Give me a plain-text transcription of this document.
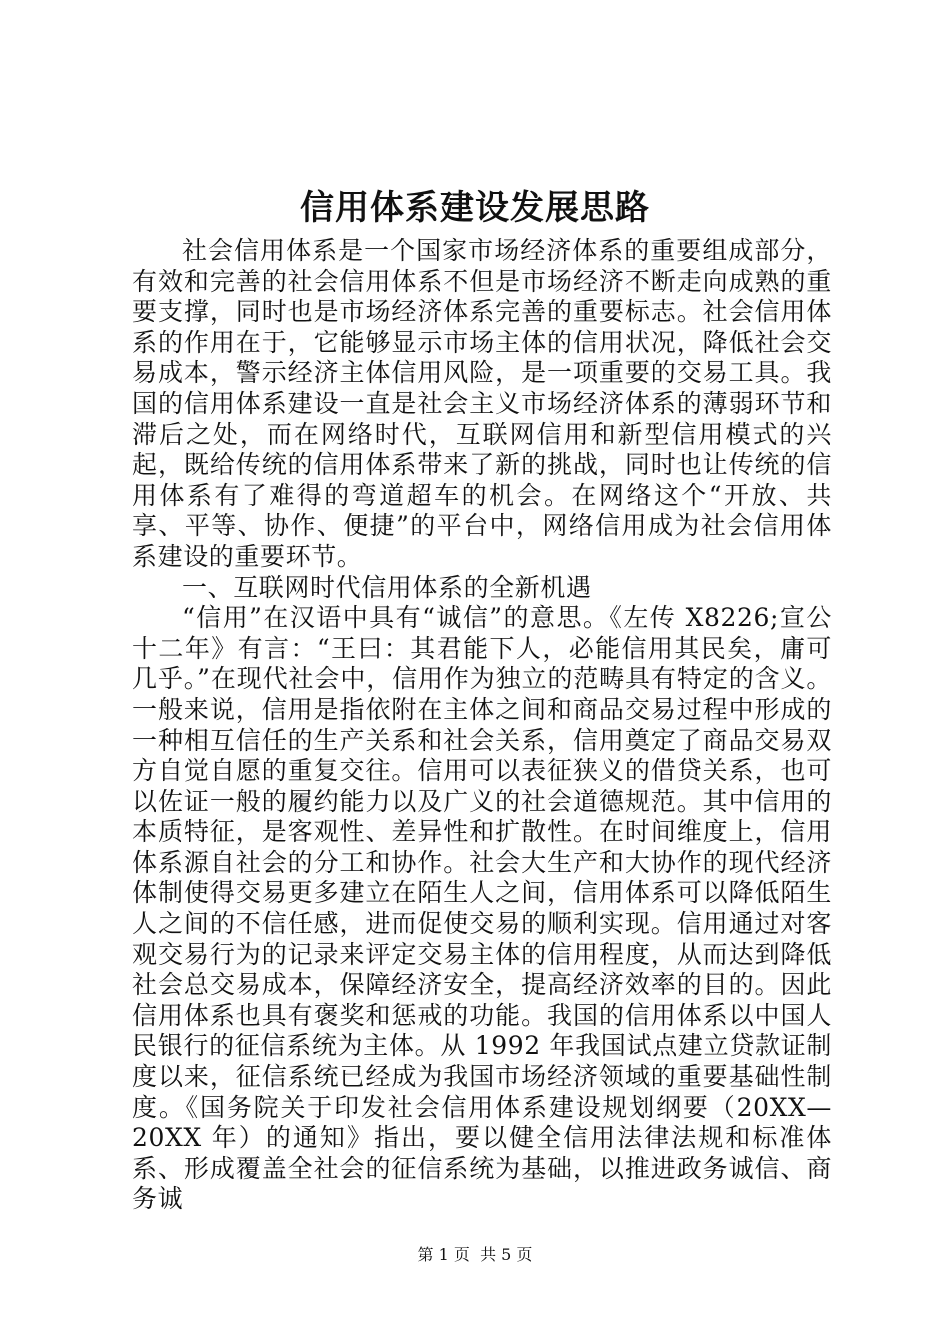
信用体系建设发展思路

社会信用体系是一个国家市场经济体系的重要组成部分，有效和完善的社会信用体系不但是市场经济不断走向成熟的重要支撑，同时也是市场经济体系完善的重要标志。社会信用体系的作用在于，它能够显示市场主体的信用状况，降低社会交易成本，警示经济主体信用风险，是一项重要的交易工具。我国的信用体系建设一直是社会主义市场经济体系的薄弱环节和滞后之处，而在网络时代，互联网信用和新型信用模式的兴起，既给传统的信用体系带来了新的挑战，同时也让传统的信用体系有了难得的弯道超车的机会。在网络这个“开放、共享、平等、协作、便捷”的平台中，网络信用成为社会信用体系建设的重要环节。

一、互联网时代信用体系的全新机遇

“信用”在汉语中具有“诚信”的意思。《左传 X8226;宣公十二年》有言：“王曰：其君能下人，必能信用其民矣，庸可几乎。”在现代社会中，信用作为独立的范畴具有特定的含义。一般来说，信用是指依附在主体之间和商品交易过程中形成的一种相互信任的生产关系和社会关系，信用奠定了商品交易双方自觉自愿的重复交往。信用可以表征狭义的借贷关系，也可以佐证一般的履约能力以及广义的社会道德规范。其中信用的本质特征，是客观性、差异性和扩散性。在时间维度上，信用体系源自社会的分工和协作。社会大生产和大协作的现代经济体制使得交易更多建立在陌生人之间，信用体系可以降低陌生人之间的不信任感，进而促使交易的顺利实现。信用通过对客观交易行为的记录来评定交易主体的信用程度，从而达到降低社会总交易成本，保障经济安全，提高经济效率的目的。因此信用体系也具有褒奖和惩戒的功能。我国的信用体系以中国人民银行的征信系统为主体。从 1992 年我国试点建立贷款证制度以来，征信系统已经成为我国市场经济领域的重要基础性制度。《国务院关于印发社会信用体系建设规划纲要（20XX—20XX 年）的通知》指出，要以健全信用法律法规和标准体系、形成覆盖全社会的征信系统为基础，以推进政务诚信、商务诚

第 1 页 共 5 页
